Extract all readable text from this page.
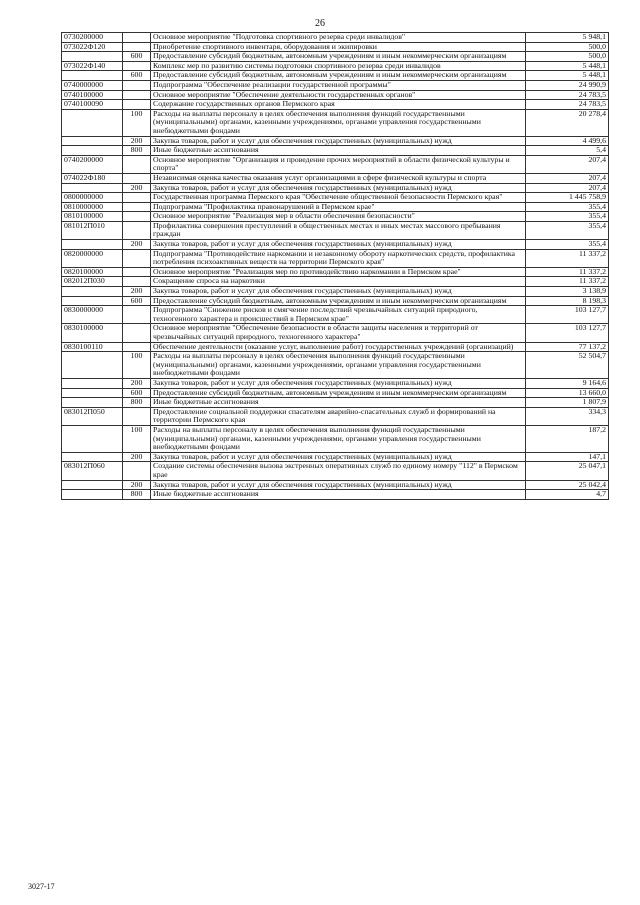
26
0730200000		Основное мероприятие "Подготовка спортивного резерва среди инвалидов"	5 948,1
073022Ф120		Приобретение спортивного инвентаря, оборудования и экипировки	500,0
	600	Предоставление субсидий бюджетным, автономным учреждениям и иным некоммерческим организациям	500,0
073022Ф140		Комплекс мер по развитию системы подготовки спортивного резерва среди инвалидов	5 448,1
	600	Предоставление субсидий бюджетным, автономным учреждениям и иным некоммерческим организациям	5 448,1
0740000000		Подпрограмма "Обеспечение реализации государственной программы"	24 990,9
0740100000		Основное мероприятие "Обеспечение деятельности государственных органов"	24 783,5
0740100090		Содержание государственных органов Пермского края	24 783,5
	100	Расходы на выплаты персоналу в целях обеспечения выполнения функций государственными (муниципальными) органами, казенными учреждениями, органами управления государственными внебюджетными фондами	20 278,4
	200	Закупка товаров, работ и услуг для обеспечения государственных (муниципальных) нужд	4 499,6
	800	Иные бюджетные ассигнования	5,4
0740200000		Основное мероприятие "Организация и проведение прочих мероприятий в области физической культуры и спорта"	207,4
074022Ф180		Независимая оценка качества оказания услуг организациями в сфере физической культуры и спорта	207,4
	200	Закупка товаров, работ и услуг для обеспечения государственных (муниципальных) нужд	207,4
0800000000		Государственная программа Пермского края "Обеспечение общественной безопасности Пермского края"	1 445 758,9
0810000000		Подпрограмма "Профилактика правонарушений в Пермском крае"	355,4
0810100000		Основное мероприятие "Реализация мер в области обеспечения безопасности"	355,4
081012П010		Профилактика совершения преступлений в общественных местах и иных местах массового пребывания граждан	355,4
	200	Закупка товаров, работ и услуг для обеспечения государственных (муниципальных) нужд	355,4
0820000000		Подпрограмма "Противодействие наркомании и незаконному обороту наркотических средств, профилактика потребления психоактивных веществ на территории Пермского края"	11 337,2
0820100000		Основное мероприятие "Реализация мер по противодействию наркомании в Пермском крае"	11 337,2
082012П030		Сокращение спроса на наркотики	11 337,2
	200	Закупка товаров, работ и услуг для обеспечения государственных (муниципальных) нужд	3 138,9
	600	Предоставление субсидий бюджетным, автономным учреждениям и иным некоммерческим организациям	8 198,3
0830000000		Подпрограмма "Снижение рисков и смягчение последствий чрезвычайных ситуаций природного, техногенного характера и происшествий в Пермском крае"	103 127,7
0830100000		Основное мероприятие "Обеспечение безопасности в области защиты населения и территорий от чрезвычайных ситуаций природного, техногенного характера"	103 127,7
0830100110		Обеспечение деятельности (оказание услуг, выполнение работ) государственных учреждений (организаций)	77 137,2
	100	Расходы на выплаты персоналу в целях обеспечения выполнения функций государственными (муниципальными) органами, казенными учреждениями, органами управления государственными внебюджетными фондами	52 504,7
	200	Закупка товаров, работ и услуг для обеспечения государственных (муниципальных) нужд	9 164,6
	600	Предоставление субсидий бюджетным, автономным учреждениям и иным некоммерческим организациям	13 660,0
	800	Иные бюджетные ассигнования	1 807,9
083012П050		Предоставление социальной поддержки спасателям аварийно-спасательных служб и формирований на территории Пермского края	334,3
	100	Расходы на выплаты персоналу в целях обеспечения выполнения функций государственными (муниципальными) органами, казенными учреждениями, органами управления государственными внебюджетными фондами	187,2
	200	Закупка товаров, работ и услуг для обеспечения государственных (муниципальных) нужд	147,1
083012П060		Создание системы обеспечения вызова экстренных оперативных служб по единому номеру "112" в Пермском крае	25 047,1
	200	Закупка товаров, работ и услуг для обеспечения государственных (муниципальных) нужд	25 042,4
	800	Иные бюджетные ассигнования	4,7
3027-17
